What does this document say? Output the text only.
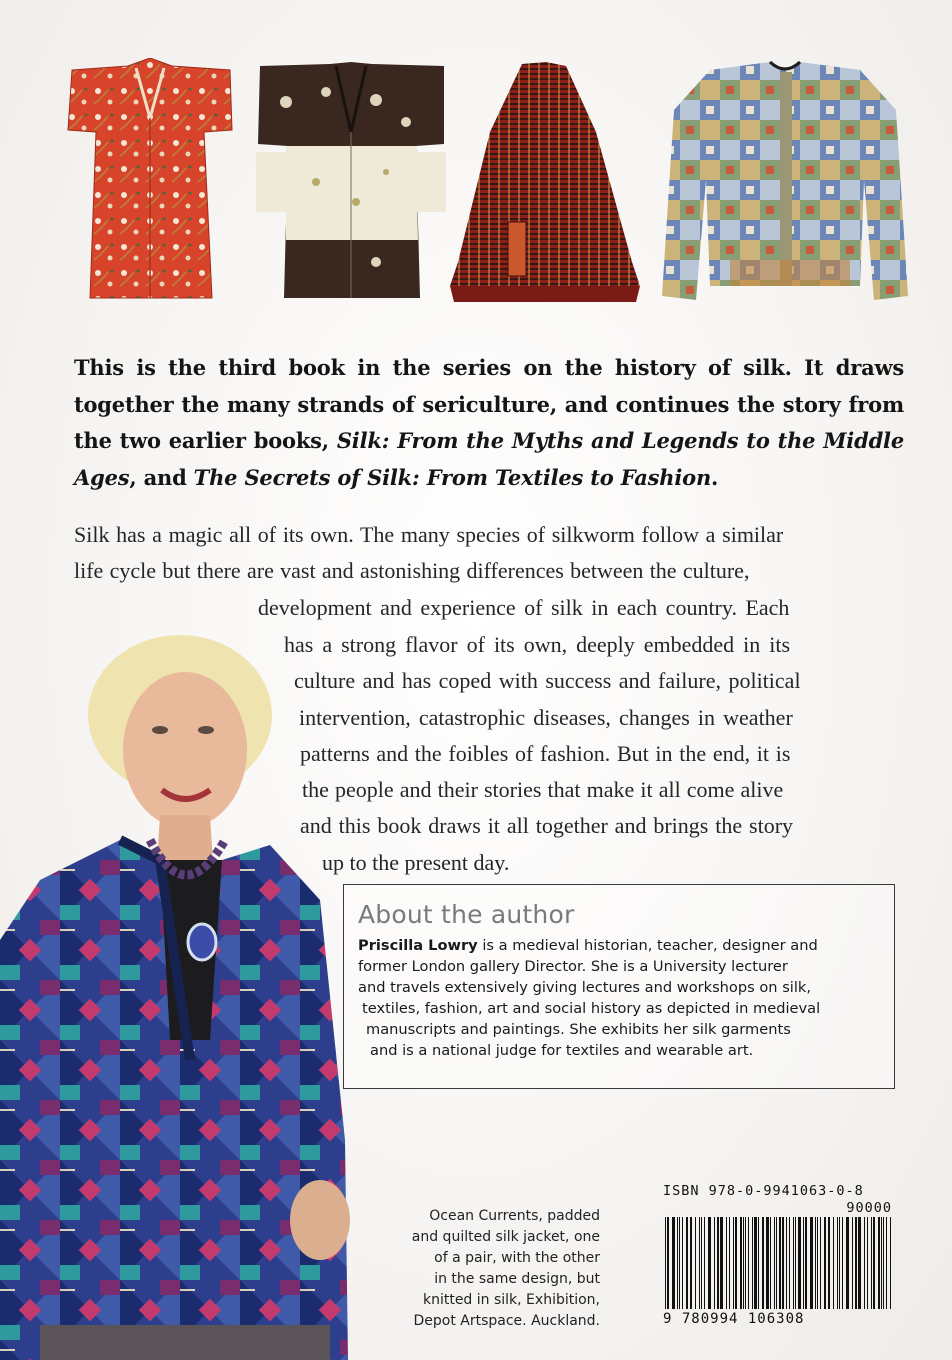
This is the third book in the series on the history of silk. It draws together the many strands of sericulture, and continues the story from the two earlier books, Silk: From the Myths and Legends to the Middle Ages, and The Secrets of Silk: From Textiles to Fashion.

Silk has a magic all of its own. The many species of silkworm follow a similar

life cycle but there are vast and astonishing differences between the culture,

development and experience of silk in each country. Each

has a strong flavor of its own, deeply embedded in its

culture and has coped with success and failure, political

intervention, catastrophic diseases, changes in weather

patterns and the foibles of fashion. But in the end, it is

the people and their stories that make it all come alive

and this book draws it all together and brings the story

up to the present day.

About the author
Priscilla Lowry is a medieval historian, teacher, designer and
former London gallery Director. She is a University lecturer
and travels extensively giving lectures and workshops on silk,
textiles, fashion, art and social history as depicted in medieval
manuscripts and paintings. She exhibits her silk garments
and is a national judge for textiles and wearable art.
Ocean Currents, padded
and quilted silk jacket, one
of a pair, with the other
in the same design, but
knitted in silk, Exhibition,
Depot Artspace. Auckland.
ISBN 978-0-9941063-0-8
90000
9 780994 106308
